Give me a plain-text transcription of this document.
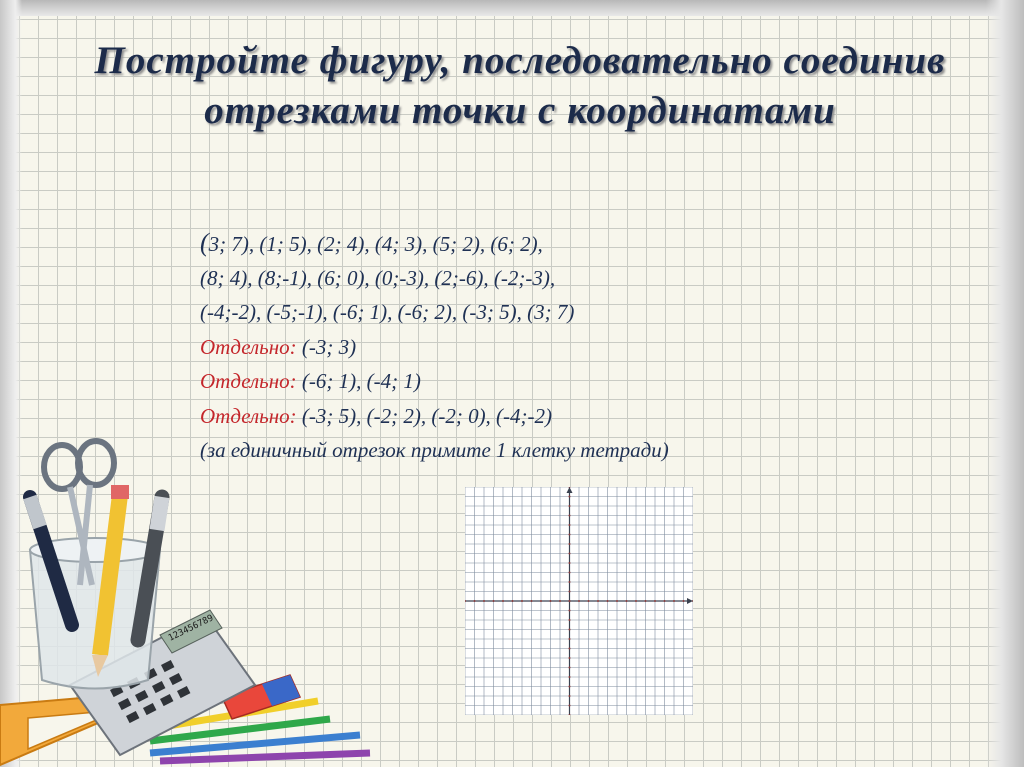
Постройте фигуру, последовательно соединив отрезками точки с координатами
(3; 7), (1; 5), (2; 4), (4; 3), (5; 2), (6; 2),
(8; 4), (8;-1), (6; 0), (0;-3), (2;-6), (-2;-3),
(-4;-2), (-5;-1), (-6; 1), (-6; 2), (-3; 5), (3; 7)
Отдельно: (-3; 3)
Отдельно: (-6; 1), (-4; 1)
Отдельно: (-3; 5), (-2; 2), (-2; 0), (-4;-2)
(за единичный отрезок примите 1 клетку тетради)
123456789
